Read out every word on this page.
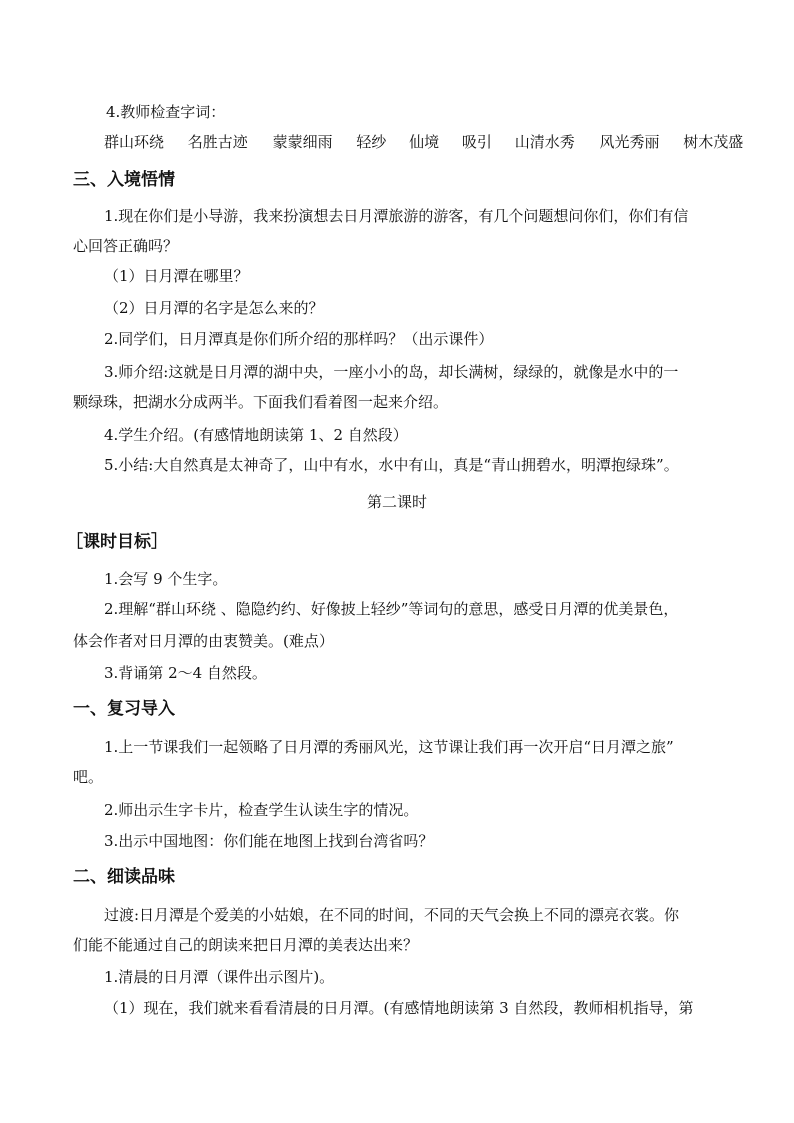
4.教师检查字词：
群山环绕 名胜古迹 蒙蒙细雨 轻纱 仙境 吸引 山清水秀 风光秀丽 树木茂盛
三、入境悟情
1.现在你们是小导游，我来扮演想去日月潭旅游的游客，有几个问题想问你们，你们有信
心回答正确吗？
（1）日月潭在哪里？
（2）日月潭的名字是怎么来的？
2.同学们，日月潭真是你们所介绍的那样吗？（出示课件）
3.师介绍:这就是日月潭的湖中央，一座小小的岛，却长满树，绿绿的，就像是水中的一
颗绿珠，把湖水分成两半。下面我们看着图一起来介绍。
4.学生介绍。(有感情地朗读第 1、2 自然段）
5.小结:大自然真是太神奇了，山中有水，水中有山，真是“青山拥碧水，明潭抱绿珠”。
第二课时
［课时目标］
1.会写 9 个生字。
2.理解“群山环绕 、隐隐约约、好像披上轻纱”等词句的意思，感受日月潭的优美景色，
体会作者对日月潭的由衷赞美。(难点）
3.背诵第 2～4 自然段。
一、复习导入
1.上一节课我们一起领略了日月潭的秀丽风光，这节课让我们再一次开启“日月潭之旅”
吧。
2.师出示生字卡片，检查学生认读生字的情况。
3.出示中国地图：你们能在地图上找到台湾省吗？
二、细读品味
过渡:日月潭是个爱美的小姑娘，在不同的时间，不同的天气会换上不同的漂亮衣裳。你
们能不能通过自己的朗读来把日月潭的美表达出来？
1.清晨的日月潭（课件出示图片)。
（1）现在，我们就来看看清晨的日月潭。(有感情地朗读第 3 自然段，教师相机指导，第
